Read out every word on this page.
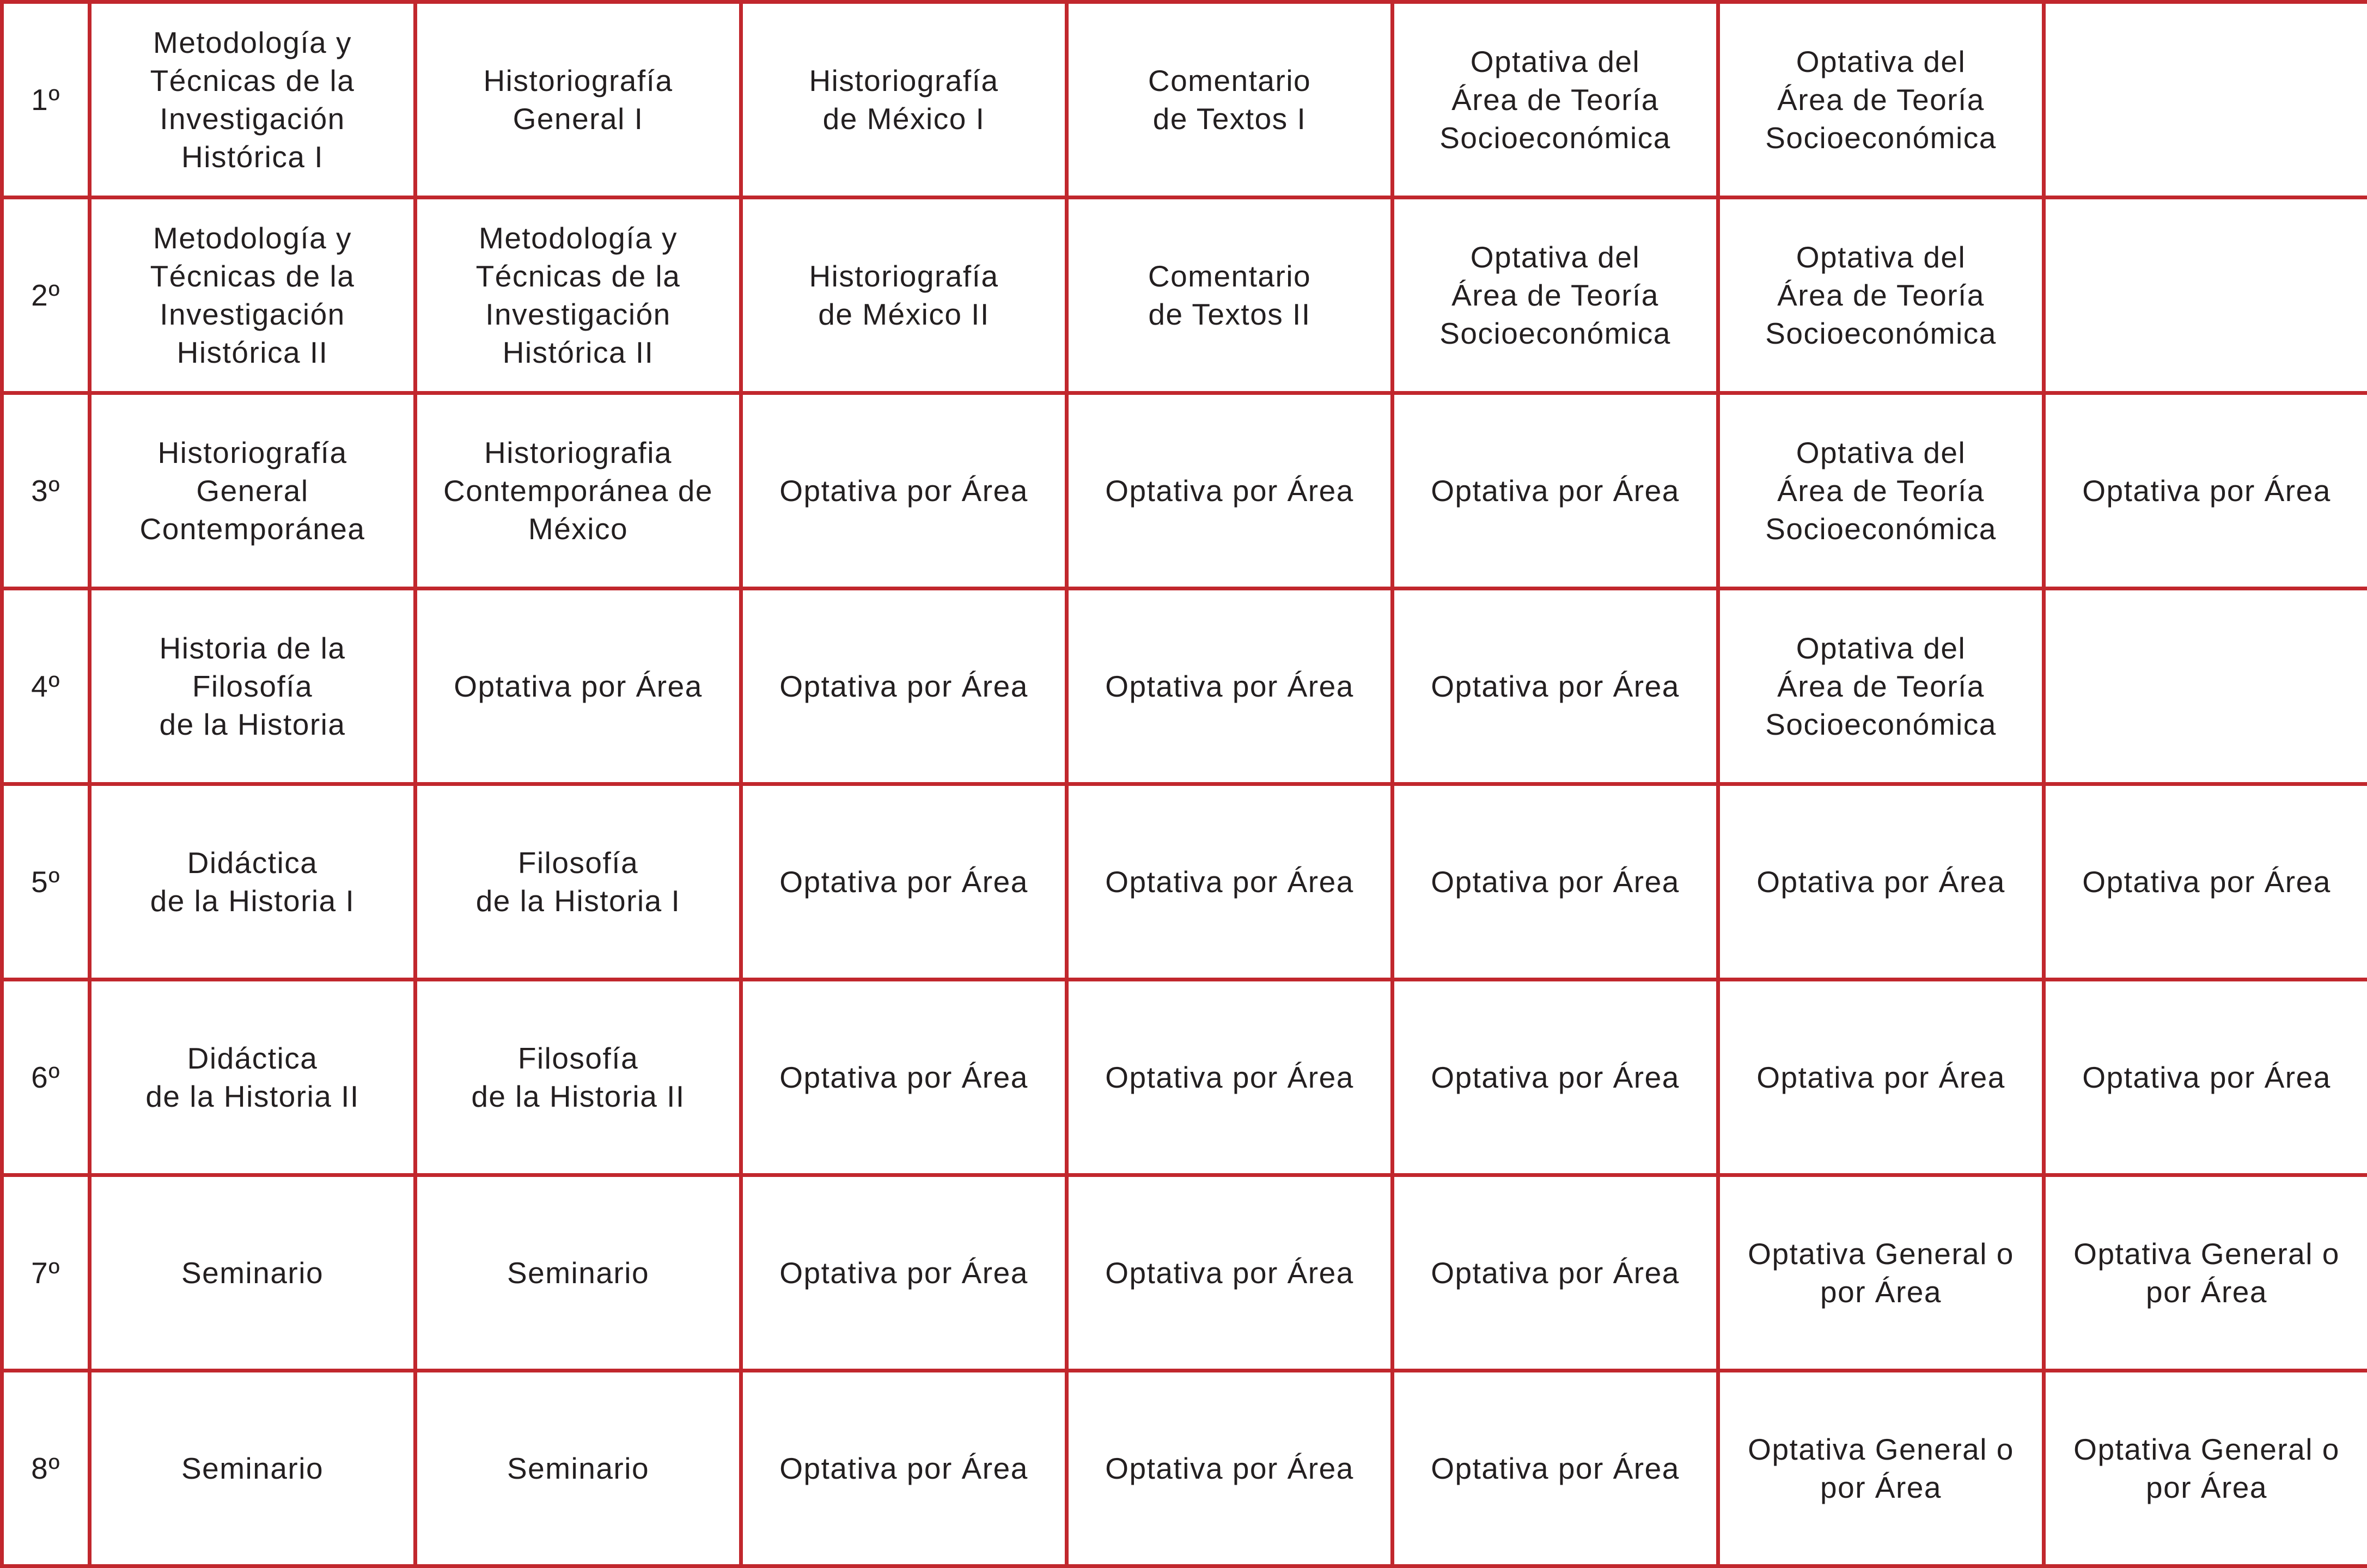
1º	Metodología y
Técnicas de la
Investigación
Histórica I	Historiografía
General I	Historiografía
de México I	Comentario
de Textos I	Optativa del
Área de Teoría
Socioeconómica	Optativa del
Área de Teoría
Socioeconómica	
2º	Metodología y
Técnicas de la
Investigación
Histórica II	Metodología y
Técnicas de la
Investigación
Histórica II	Historiografía
de México II	Comentario
de Textos II	Optativa del
Área de Teoría
Socioeconómica	Optativa del
Área de Teoría
Socioeconómica	
3º	Historiografía
General
Contemporánea	Historiografia
Contemporánea de
México	Optativa por Área	Optativa por Área	Optativa por Área	Optativa del
Área de Teoría
Socioeconómica	Optativa por Área
4º	Historia de la
Filosofía
de la Historia	Optativa por Área	Optativa por Área	Optativa por Área	Optativa por Área	Optativa del
Área de Teoría
Socioeconómica	
5º	Didáctica
de la Historia I	Filosofía
de la Historia I	Optativa por Área	Optativa por Área	Optativa por Área	Optativa por Área	Optativa por Área
6º	Didáctica
de la Historia II	Filosofía
de la Historia II	Optativa por Área	Optativa por Área	Optativa por Área	Optativa por Área	Optativa por Área
7º	Seminario	Seminario	Optativa por Área	Optativa por Área	Optativa por Área	Optativa General o
por Área	Optativa General o
por Área
8º	Seminario	Seminario	Optativa por Área	Optativa por Área	Optativa por Área	Optativa General o
por Área	Optativa General o
por Área
